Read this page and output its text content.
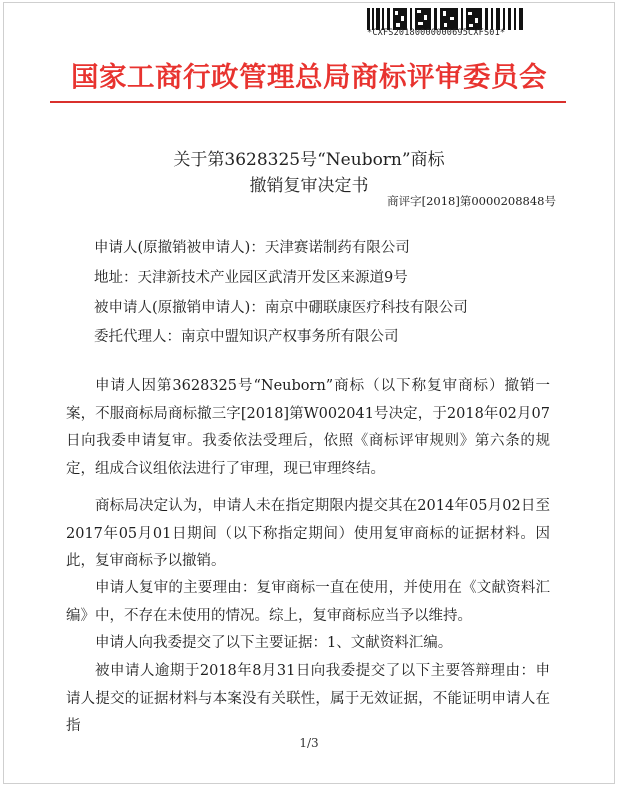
*CXFS20180000000695CXFS01*
国家工商行政管理总局商标评审委员会
关于第3628325号“Neuborn”商标
撤销复审决定书
商评字[2018]第0000208848号
申请人(原撤销被申请人)：天津赛诺制药有限公司
地址：天津新技术产业园区武清开发区来源道9号
被申请人(原撤销申请人)：南京中硼联康医疗科技有限公司
委托代理人：南京中盟知识产权事务所有限公司

申请人因第3628325号“Neuborn”商标（以下称复审商标）撤销一案，不服商标局商标撤三字[2018]第W002041号决定，于2018年02月07日向我委申请复审。我委依法受理后，依照《商标评审规则》第六条的规定，组成合议组依法进行了审理，现已审理终结。

商标局决定认为，申请人未在指定期限内提交其在2014年05月02日至2017年05月01日期间（以下称指定期间）使用复审商标的证据材料。因此，复审商标予以撤销。

申请人复审的主要理由：复审商标一直在使用，并使用在《文献资料汇编》中，不存在未使用的情况。综上，复审商标应当予以维持。

申请人向我委提交了以下主要证据：1、文献资料汇编。

被申请人逾期于2018年8月31日向我委提交了以下主要答辩理由：申请人提交的证据材料与本案没有关联性，属于无效证据，不能证明申请人在指

1/3
